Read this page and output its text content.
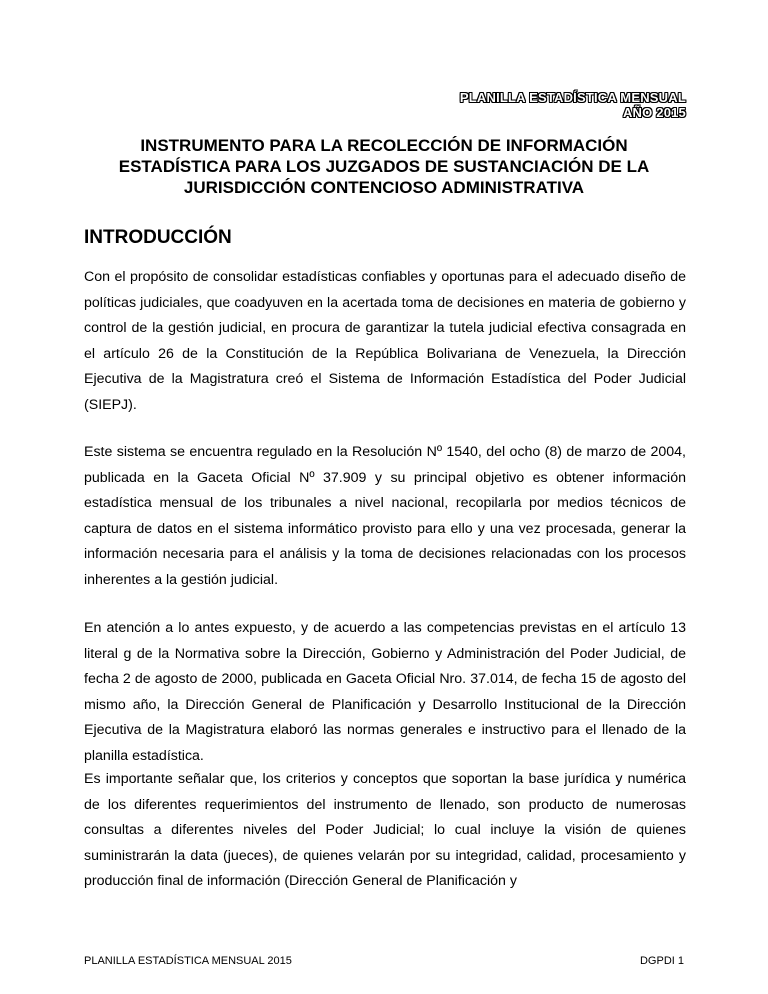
PLANILLA ESTADÍSTICA MENSUAL
AÑO 2015
INSTRUMENTO PARA LA RECOLECCIÓN DE INFORMACIÓN
ESTADÍSTICA PARA LOS JUZGADOS DE SUSTANCIACIÓN DE LA
JURISDICCIÓN CONTENCIOSO ADMINISTRATIVA
INTRODUCCIÓN

Con el propósito de consolidar estadísticas confiables y oportunas para el adecuado diseño de políticas judiciales, que coadyuven en la acertada toma de decisiones en materia de gobierno y control de la gestión judicial, en procura de garantizar la tutela judicial efectiva consagrada en el artículo 26 de la Constitución de la República Bolivariana de Venezuela, la Dirección Ejecutiva de la Magistratura creó el Sistema de Información Estadística del Poder Judicial (SIEPJ).

Este sistema se encuentra regulado en la Resolución Nº 1540, del ocho (8) de marzo de 2004, publicada en la Gaceta Oficial Nº 37.909 y su principal objetivo es obtener información estadística mensual de los tribunales a nivel nacional, recopilarla por medios técnicos de captura de datos en el sistema informático provisto para ello y una vez procesada, generar la información necesaria para el análisis y la toma de decisiones relacionadas con los procesos inherentes a la gestión judicial.

En atención a lo antes expuesto, y de acuerdo a las competencias previstas en el artículo 13 literal g de la Normativa sobre la Dirección, Gobierno y Administración del Poder Judicial, de fecha 2 de agosto de 2000, publicada en Gaceta Oficial Nro. 37.014, de fecha 15 de agosto del mismo año, la Dirección General de Planificación y Desarrollo Institucional de la Dirección Ejecutiva de la Magistratura elaboró las normas generales e instructivo para el llenado de la planilla estadística.

Es importante señalar que, los criterios y conceptos que soportan la base jurídica y numérica de los diferentes requerimientos del instrumento de llenado, son producto de numerosas consultas a diferentes niveles del Poder Judicial; lo cual incluye la visión de quienes suministrarán la data (jueces), de quienes velarán por su integridad, calidad, procesamiento y producción final de información (Dirección General de Planificación y

PLANILLA ESTADÍSTICA MENSUAL 2015	DGPDI 1
